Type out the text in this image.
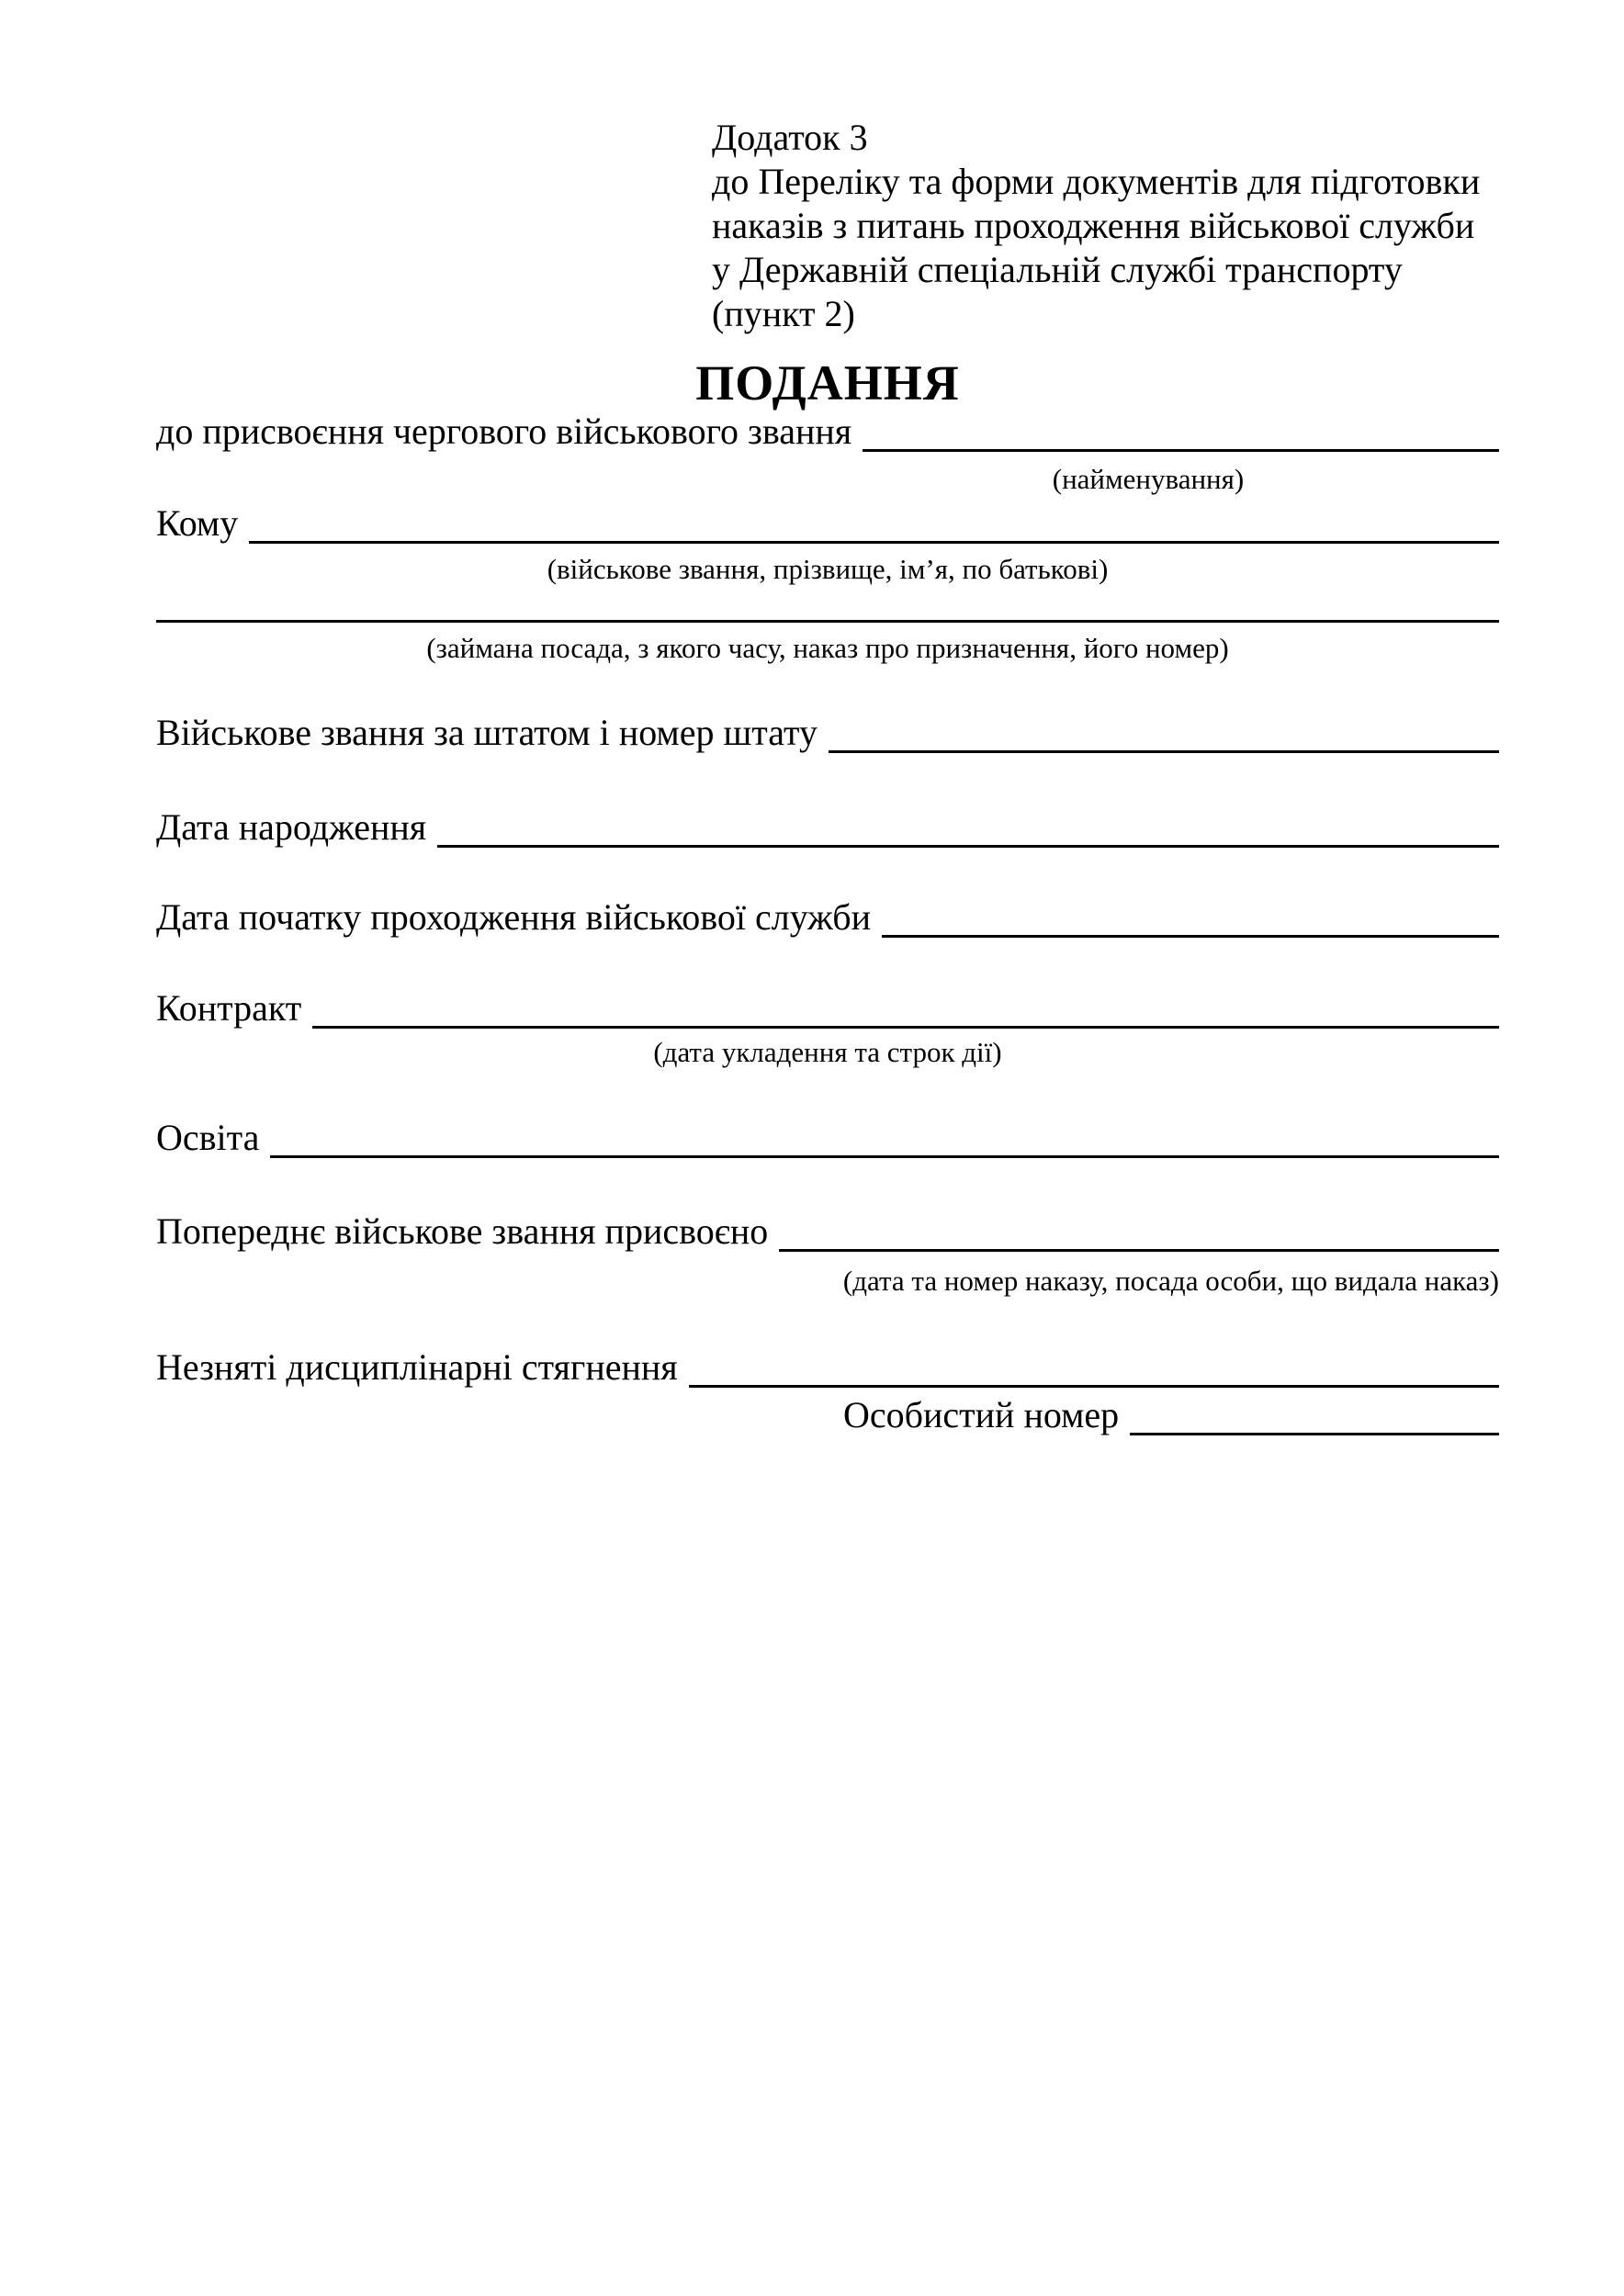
Додаток 3
до Переліку та форми документів для підготовки
наказів з питань проходження військової служби
у Державній спеціальній службі транспорту
(пункт 2)
ПОДАННЯ
до присвоєння чергового військового звання
(найменування)
Кому
(військове звання, прізвище, ім’я, по батькові)
(займана посада, з якого часу, наказ про призначення, його номер)
Військове звання за штатом і номер штату
Дата народження
Дата початку проходження військової служби
Контракт
(дата укладення та строк дії)
Освіта
Попереднє військове звання присвоєно
(дата та номер наказу, посада особи, що видала наказ)
Незняті дисциплінарні стягнення
Особистий номер
